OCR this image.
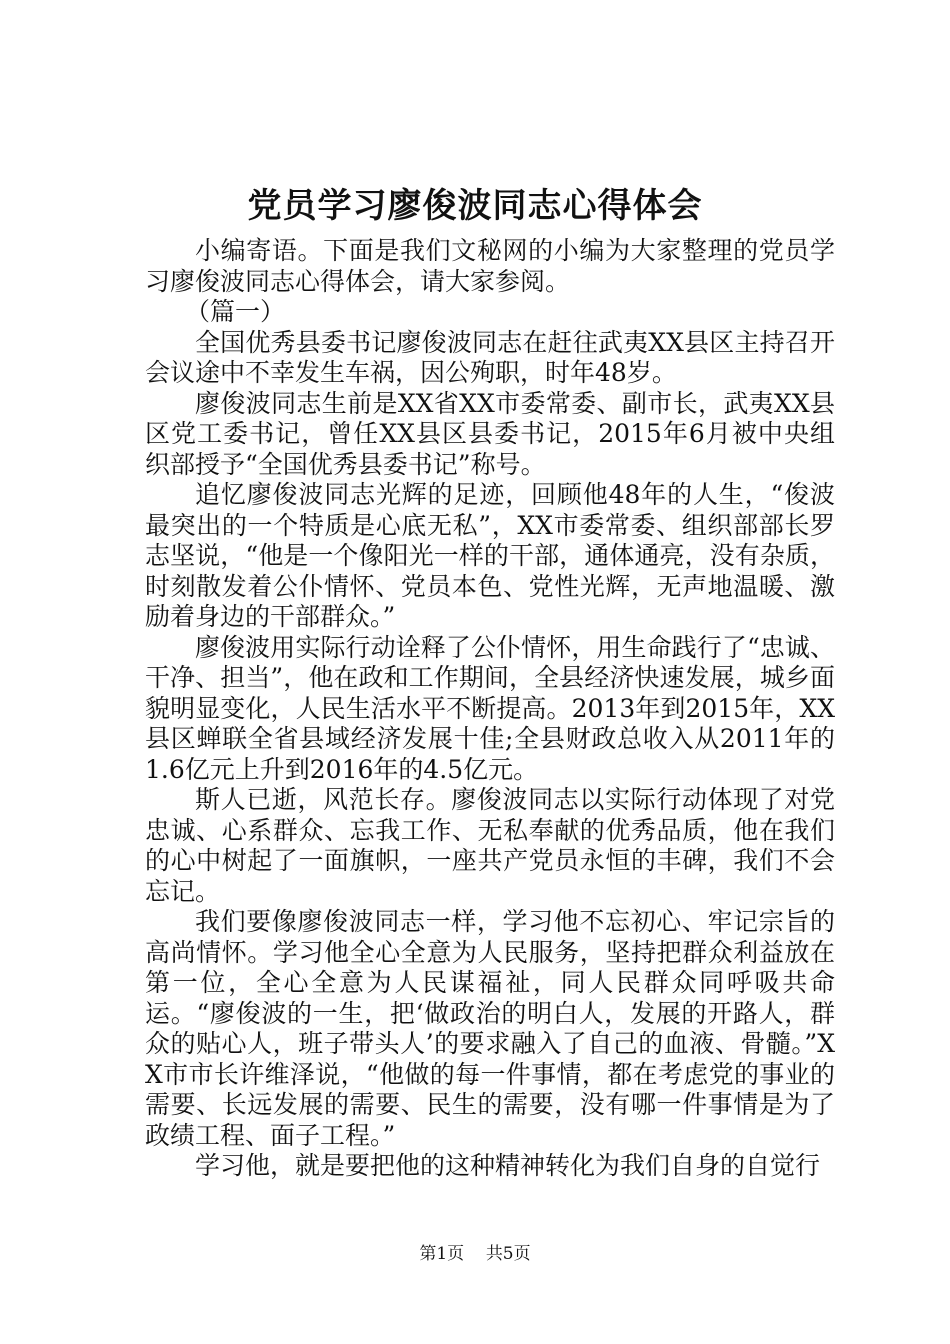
党员学习廖俊波同志心得体会

小编寄语。下面是我们文秘网的小编为大家整理的党员学习廖俊波同志心得体会，请大家参阅。

（篇一）

全国优秀县委书记廖俊波同志在赶往武夷XX县区主持召开会议途中不幸发生车祸，因公殉职，时年48岁。

廖俊波同志生前是XX省XX市委常委、副市长，武夷XX县区党工委书记，曾任XX县区县委书记，2015年6月被中央组织部授予“全国优秀县委书记”称号。

追忆廖俊波同志光辉的足迹，回顾他48年的人生，“俊波最突出的一个特质是心底无私”，XX市委常委、组织部部长罗志坚说，“他是一个像阳光一样的干部，通体通亮，没有杂质，时刻散发着公仆情怀、党员本色、党性光辉，无声地温暖、激励着身边的干部群众。”

廖俊波用实际行动诠释了公仆情怀，用生命践行了“忠诚、干净、担当”，他在政和工作期间，全县经济快速发展，城乡面貌明显变化，人民生活水平不断提高。2013年到2015年，XX县区蝉联全省县域经济发展十佳;全县财政总收入从2011年的1.6亿元上升到2016年的4.5亿元。

斯人已逝，风范长存。廖俊波同志以实际行动体现了对党忠诚、心系群众、忘我工作、无私奉献的优秀品质，他在我们的心中树起了一面旗帜，一座共产党员永恒的丰碑，我们不会忘记。

我们要像廖俊波同志一样，学习他不忘初心、牢记宗旨的高尚情怀。学习他全心全意为人民服务，坚持把群众利益放在第一位，全心全意为人民谋福祉，同人民群众同呼吸共命运。“廖俊波的一生，把‘做政治的明白人，发展的开路人，群众的贴心人，班子带头人’的要求融入了自己的血液、骨髓。”XX市市长许维泽说，“他做的每一件事情，都在考虑党的事业的需要、长远发展的需要、民生的需要，没有哪一件事情是为了政绩工程、面子工程。”

学习他，就是要把他的这种精神转化为我们自身的自觉行

第1页 共5页
